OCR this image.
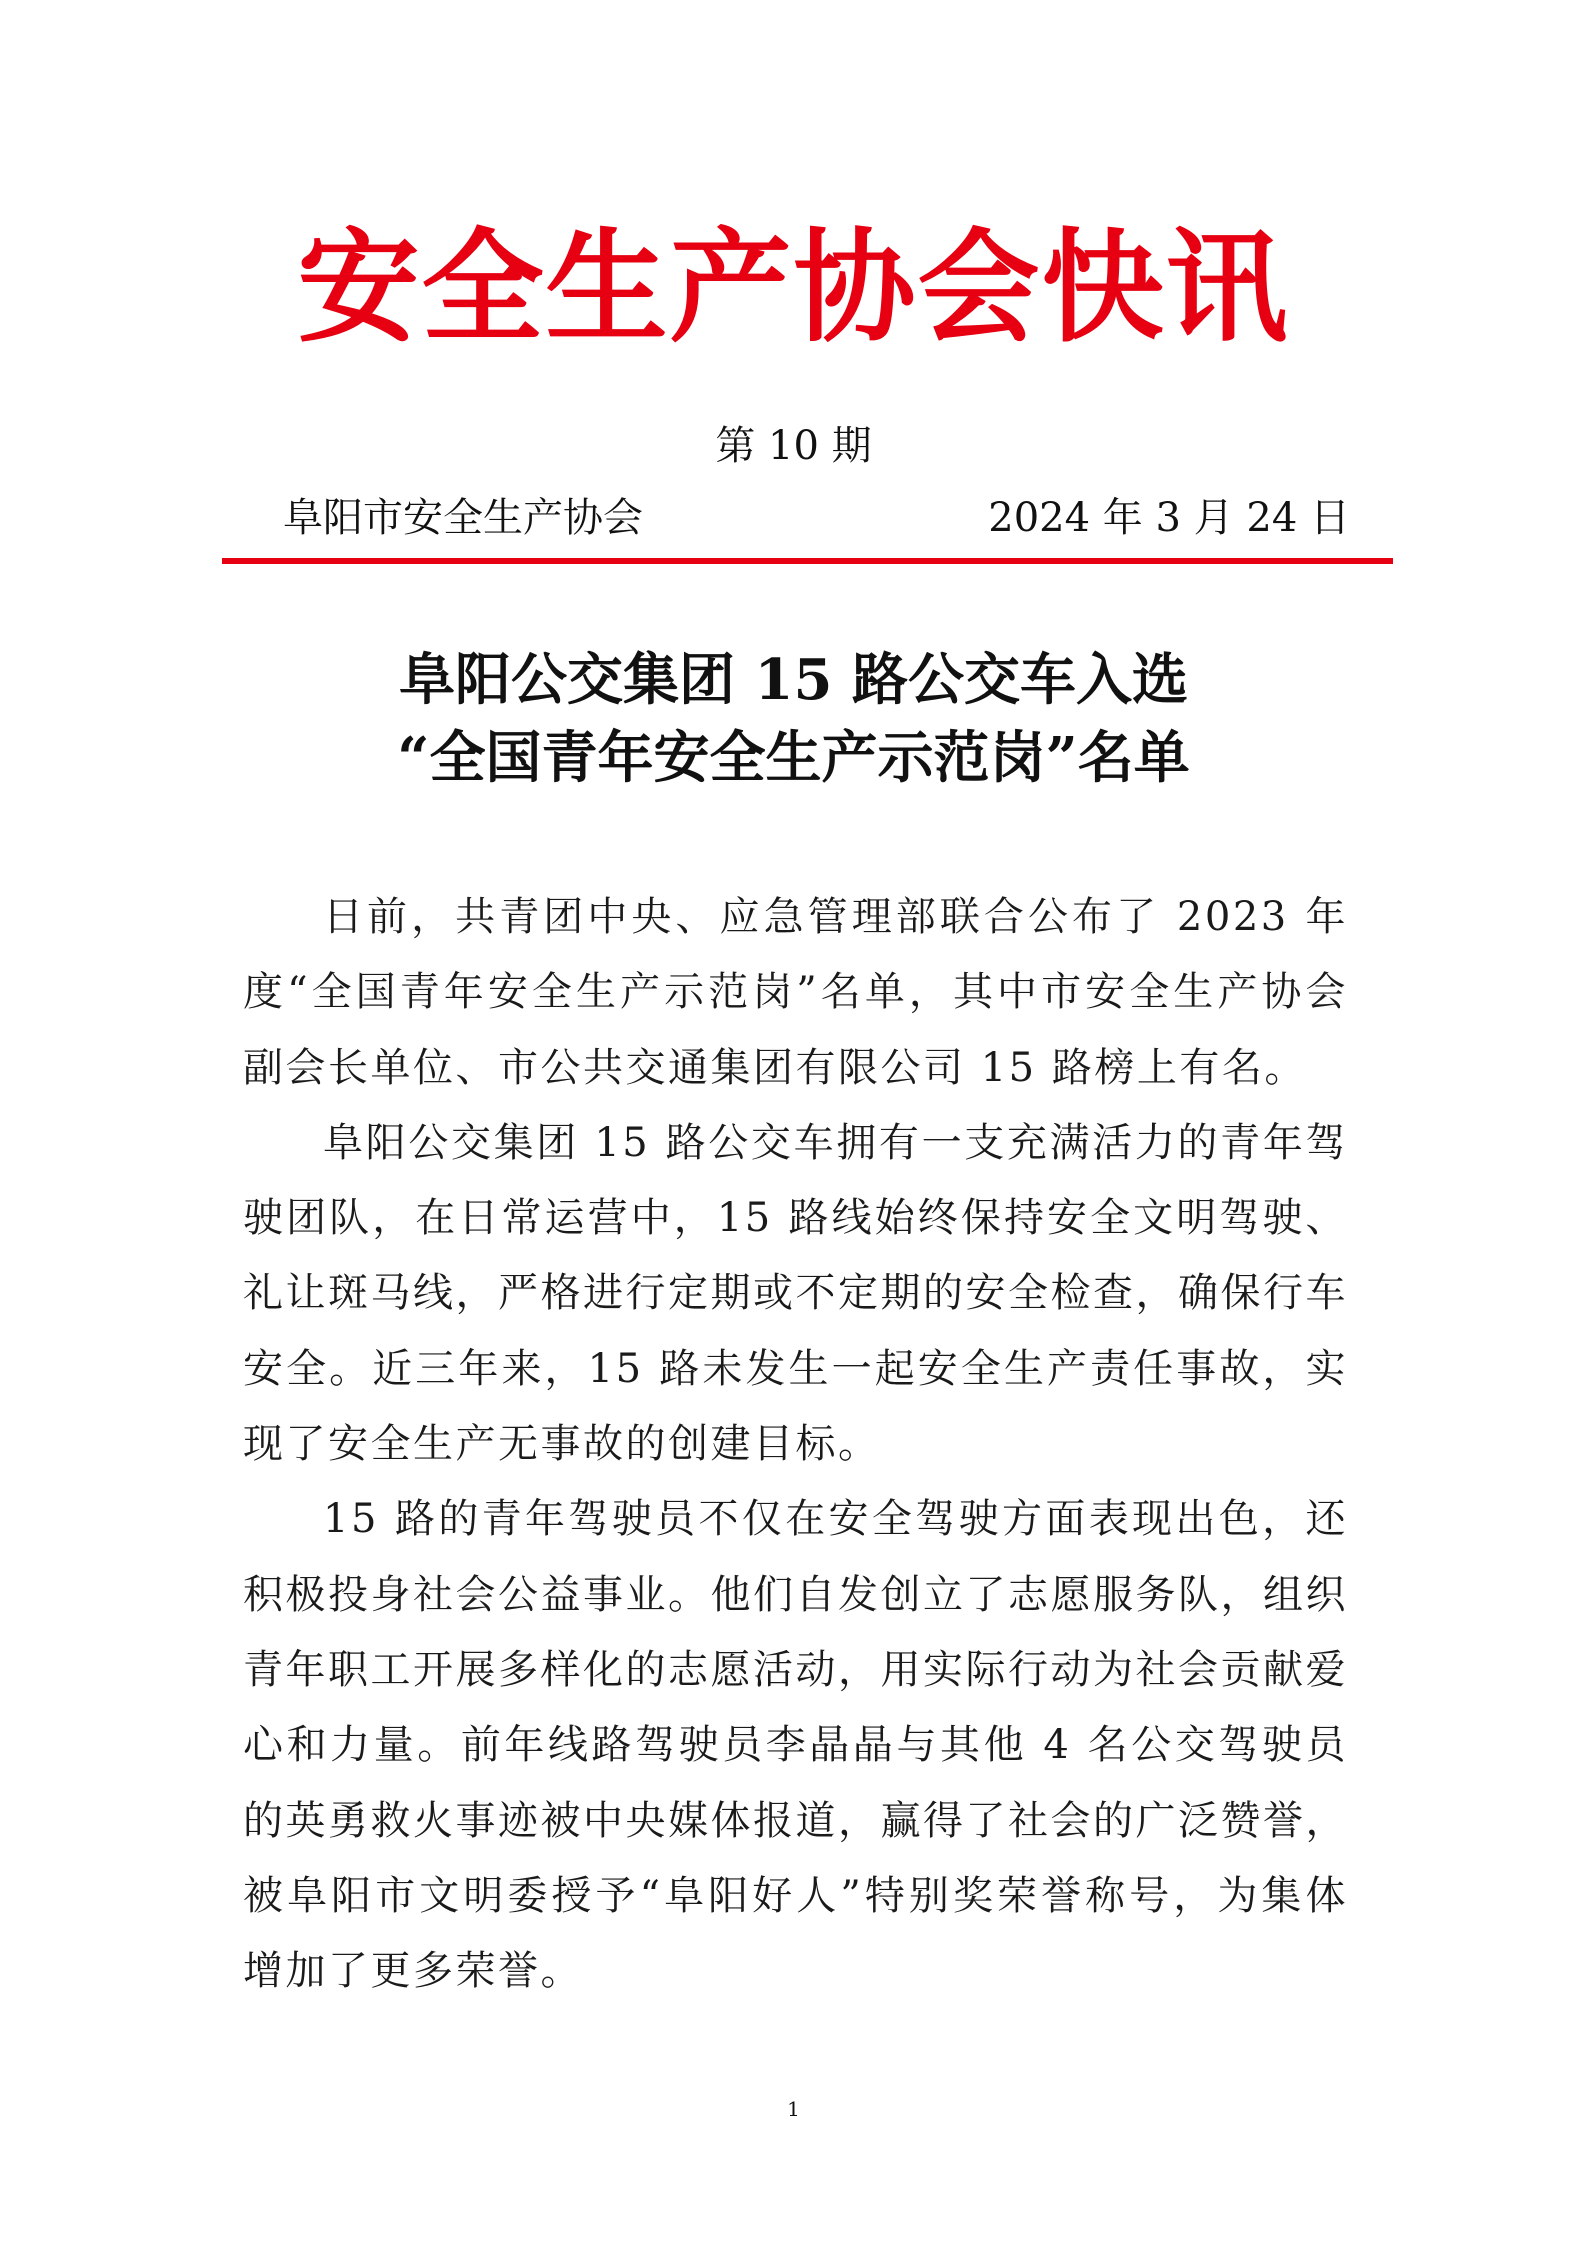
安全生产协会快讯
第 10 期
阜阳市安全生产协会	2024 年 3 月 24 日
阜阳公交集团 15 路公交车入选
“全国青年安全生产示范岗”名单

日前，共青团中央、应急管理部联合公布了 2023 年度“全国青年安全生产示范岗”名单，其中市安全生产协会副会长单位、市公共交通集团有限公司 15 路榜上有名。

阜阳公交集团 15 路公交车拥有一支充满活力的青年驾驶团队，在日常运营中，15 路线始终保持安全文明驾驶、礼让斑马线，严格进行定期或不定期的安全检查，确保行车安全。近三年来，15 路未发生一起安全生产责任事故，实现了安全生产无事故的创建目标。

15 路的青年驾驶员不仅在安全驾驶方面表现出色，还积极投身社会公益事业。他们自发创立了志愿服务队，组织青年职工开展多样化的志愿活动，用实际行动为社会贡献爱心和力量。前年线路驾驶员李晶晶与其他 4 名公交驾驶员的英勇救火事迹被中央媒体报道，赢得了社会的广泛赞誉，被阜阳市文明委授予“阜阳好人”特别奖荣誉称号，为集体增加了更多荣誉。

1
